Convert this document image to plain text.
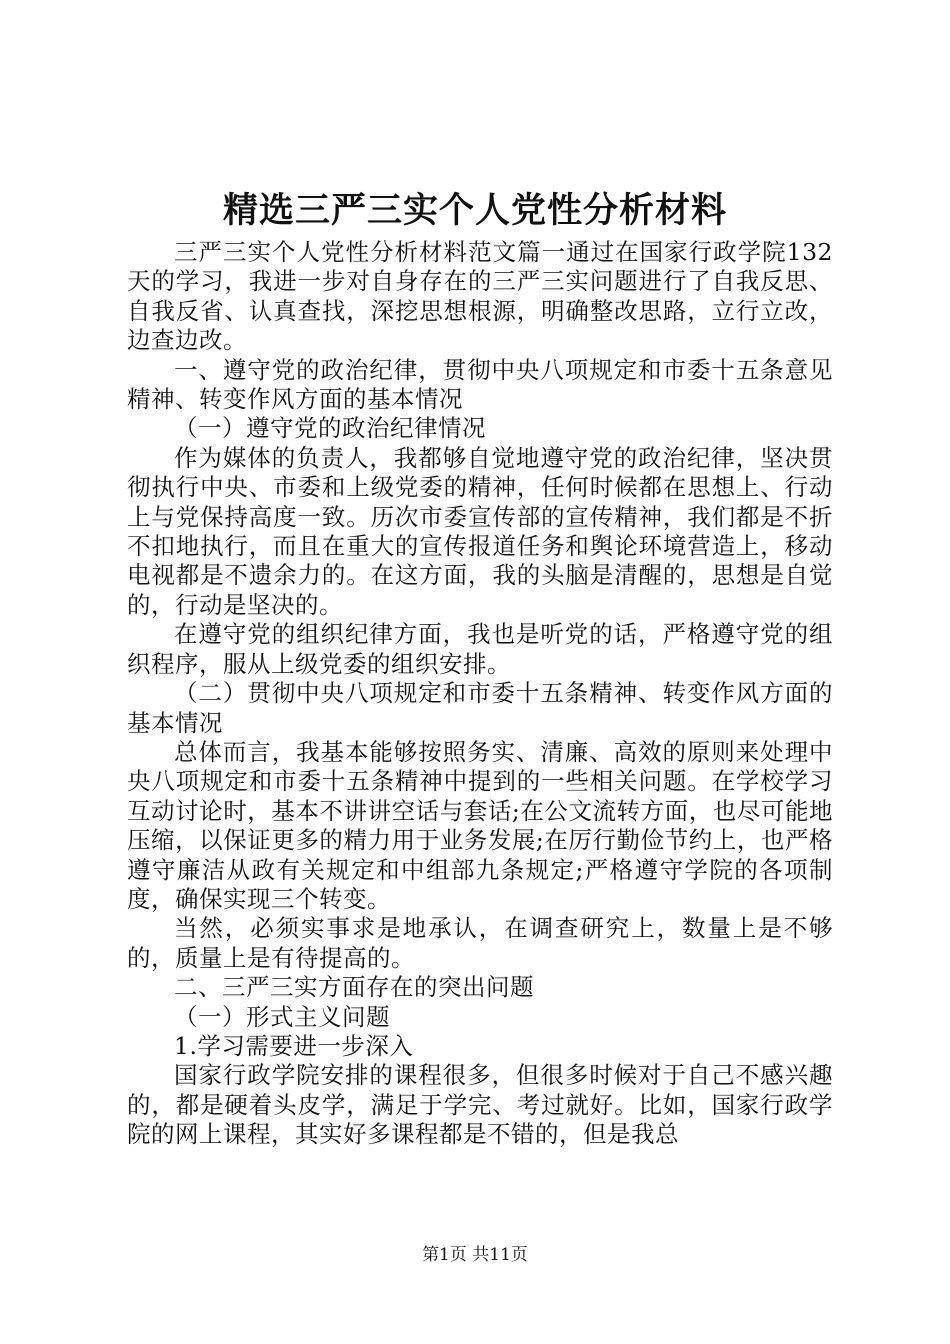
精选三严三实个人党性分析材料

三严三实个人党性分析材料范文篇一通过在国家行政学院132天的学习，我进一步对自身存在的三严三实问题进行了自我反思、自我反省、认真查找，深挖思想根源，明确整改思路，立行立改，边查边改。

一、遵守党的政治纪律，贯彻中央八项规定和市委十五条意见精神、转变作风方面的基本情况

（一）遵守党的政治纪律情况

作为媒体的负责人，我都够自觉地遵守党的政治纪律，坚决贯彻执行中央、市委和上级党委的精神，任何时候都在思想上、行动上与党保持高度一致。历次市委宣传部的宣传精神，我们都是不折不扣地执行，而且在重大的宣传报道任务和舆论环境营造上，移动电视都是不遗余力的。在这方面，我的头脑是清醒的，思想是自觉的，行动是坚决的。

在遵守党的组织纪律方面，我也是听党的话，严格遵守党的组织程序，服从上级党委的组织安排。

（二）贯彻中央八项规定和市委十五条精神、转变作风方面的基本情况

总体而言，我基本能够按照务实、清廉、高效的原则来处理中央八项规定和市委十五条精神中提到的一些相关问题。在学校学习互动讨论时，基本不讲讲空话与套话;在公文流转方面，也尽可能地压缩，以保证更多的精力用于业务发展;在厉行勤俭节约上，也严格遵守廉洁从政有关规定和中组部九条规定;严格遵守学院的各项制度，确保实现三个转变。

当然，必须实事求是地承认，在调查研究上，数量上是不够的，质量上是有待提高的。

二、三严三实方面存在的突出问题

（一）形式主义问题

1.学习需要进一步深入

国家行政学院安排的课程很多，但很多时候对于自己不感兴趣的，都是硬着头皮学，满足于学完、考过就好。比如，国家行政学院的网上课程，其实好多课程都是不错的，但是我总

第1页 共11页
